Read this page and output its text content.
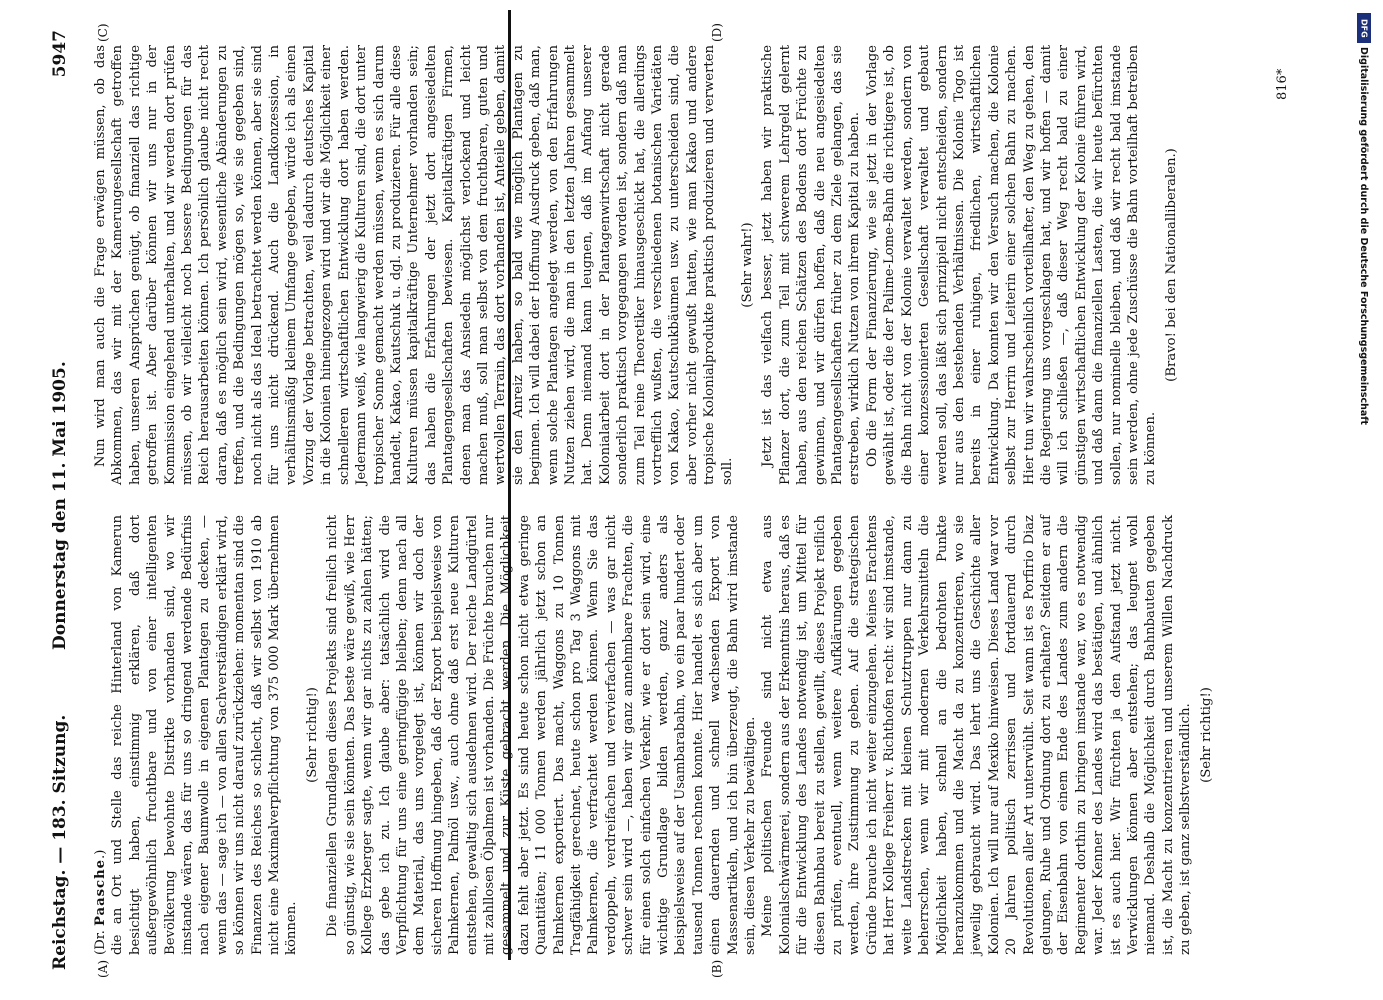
Reichstag. — 183. Sitzung.
Donnerstag den 11. Mai 1905.
5947
(A)	(B)
(C)	(D)

(Dr. Paasche.) die an Ort und Stelle das reiche Hinterland von Kamerun besichtigt haben, einstimmig erklären, daß dort außergewöhnlich fruchtbare und von einer intelligenten Bevölkerung bewohnte Distrikte vorhanden sind, wo wir imstande wären, das für uns so dringend werdende Bedürfnis nach eigener Baumwolle in eigenen Plantagen zu decken, — wenn das — sage ich — von allen Sachverständigen erklärt wird, so können wir uns nicht darauf zurückziehen: momentan sind die Finanzen des Reiches so schlecht, daß wir selbst von 1910 ab nicht eine Maximalverpflichtung von 375 000 Mark übernehmen können.

(Sehr richtig!) Die finanziellen Grundlagen dieses Projekts sind freilich nicht so günstig, wie sie sein könnten. Das beste wäre gewiß, wie Herr Kollege Erzberger sagte, wenn wir gar nichts zu zahlen hätten; das gebe ich zu. Ich glaube aber: tatsächlich wird die Verpflichtung für uns eine geringfügige bleiben; denn nach all dem Material, das uns vorgelegt ist, können wir doch der sicheren Hoffnung hingeben, daß der Export beispielsweise von Palmkernen, Palmöl usw., auch ohne daß erst neue Kulturen entstehen, gewaltig sich ausdehnen wird. Der reiche Landgürtel mit zahllosen Ölpalmen ist vorhanden. Die Früchte brauchen nur gesammelt und zur Küste gebracht werden. Die Möglichkeit dazu fehlt aber jetzt. Es sind heute schon nicht etwa geringe Quantitäten; 11 000 Tonnen werden jährlich jetzt schon an Palmkernen exportiert. Das macht, Waggons zu 10 Tonnen Tragfähigkeit gerechnet, heute schon pro Tag 3 Waggons mit Palmkernen, die verfrachtet werden können. Wenn Sie das verdoppeln, verdreifachen und vervierfachen — was gar nicht schwer sein wird —, haben wir ganz annehmbare Frachten, die für einen solch einfachen Verkehr, wie er dort sein wird, eine wichtige Grundlage bilden werden, ganz anders als beispielsweise auf der Usambarabahn, wo ein paar hundert oder tausend Tonnen rechnen konnte. Hier handelt es sich aber um einen dauernden und schnell wachsenden Export von Massenartikeln, und ich bin überzeugt, die Bahn wird imstande sein, diesen Verkehr zu bewältigen. Meine politischen Freunde sind nicht etwa aus Kolonialschwärmerei, sondern aus der Erkenntnis heraus, daß es für die Entwicklung des Landes notwendig ist, um Mittel für diesen Bahnbau bereit zu stellen, gewillt, dieses Projekt reiflich zu prüfen, eventuell, wenn weitere Aufklärungen gegeben werden, ihre Zustimmung zu geben. Auf die strategischen Gründe brauche ich nicht weiter einzugehen. Meines Erachtens hat Herr Kollege Freiherr v. Richthofen recht: wir sind imstande, weite Landstrecken mit kleinen Schutztruppen nur dann zu beherrschen, wenn wir mit modernen Verkehrsmitteln die Möglichkeit haben, schnell an die bedrohten Punkte heranzukommen und die Macht da zu konzentrieren, wo sie jeweilig gebraucht wird. Das lehrt uns die Geschichte aller Kolonien. Ich will nur auf Mexiko hinweisen. Dieses Land war vor 20 Jahren politisch zerrissen und fortdauernd durch Revolutionen aller Art unterwühlt. Seit wann ist es Porfirio Diaz gelungen, Ruhe und Ordnung dort zu erhalten? Seitdem er auf der Eisenbahn von einem Ende des Landes zum andern die Regimenter dorthin zu bringen imstande war, wo es notwendig war. Jeder Kenner des Landes wird das bestätigen, und ähnlich ist es auch hier. Wir fürchten ja den Aufstand jetzt nicht. Verwicklungen können aber entstehen; das leugnet wohl niemand. Deshalb die Möglichkeit durch Bahnbauten gegeben ist, die Macht zu konzentrieren und unserem Willen Nachdruck zu geben, ist ganz selbstverständlich. (Sehr richtig!)

Nun wird man auch die Frage erwägen müssen, ob das Abkommen, das wir mit der Kamerungesellschaft getroffen haben, unseren Ansprüchen genügt, ob finanziell das richtige getroffen ist. Aber darüber können wir uns nur in der Kommission eingehend unterhalten, und wir werden dort prüfen müssen, ob wir vielleicht noch bessere Bedingungen für das Reich herausarbeiten können. Ich persönlich glaube nicht recht daran, daß es möglich sein wird, wesentliche Abänderungen zu treffen, und die Bedingungen mögen so, wie sie gegeben sind, noch nicht als das Ideal betrachtet werden können, aber sie sind für uns nicht drückend. Auch die Landkonzession, in verhältnismäßig kleinem Umfange gegeben, würde ich als einen Vorzug der Vorlage betrachten, weil dadurch deutsches Kapital in die Kolonien hineingezogen wird und wir die Möglichkeit einer schnelleren wirtschaftlichen Entwicklung dort haben werden. Jedermann weiß, wie langwierig die Kulturen sind, die dort unter tropischer Sonne gemacht werden müssen, wenn es sich darum handelt, Kakao, Kautschuk u. dgl. zu produzieren. Für alle diese Kulturen müssen kapitalkräftige Unternehmer vorhanden sein; das haben die Erfahrungen der jetzt dort angesiedelten Plantagengesellschaften bewiesen. Kapitalkräftigen Firmen, denen man das Ansiedeln möglichst verlockend und leicht machen muß, soll man selbst von dem fruchtbaren, guten und wertvollen Terrain, das dort vorhanden ist, Anteile geben, damit sie den Anreiz haben, so bald wie möglich Plantagen zu beginnen. Ich will dabei der Hoffnung Ausdruck geben, daß man, wenn solche Plantagen angelegt werden, von den Erfahrungen Nutzen ziehen wird, die man in den letzten Jahren gesammelt hat. Denn niemand kann leugnen, daß im Anfang unserer Kolonialarbeit dort in der Plantagenwirtschaft nicht gerade sonderlich praktisch vorgegangen worden ist, sondern daß man zum Teil reine Theoretiker hinausgeschickt hat, die allerdings vortrefflich wußten, die verschiedenen botanischen Varietäten von Kakao, Kautschukbäumen usw. zu unterscheiden sind, die aber vorher nicht gewußt hatten, wie man Kakao und andere tropische Kolonialprodukte praktisch produzieren und verwerten soll.

(Sehr wahr!) Jetzt ist das vielfach besser, jetzt haben wir praktische Pflanzer dort, die zum Teil mit schwerem Lehrgeld gelernt haben, aus den reichen Schätzen des Bodens dort Früchte zu gewinnen, und wir dürfen hoffen, daß die neu angesiedelten Plantagengesellschaften früher zu dem Ziele gelangen, das sie erstreben, wirklich Nutzen von ihrem Kapital zu haben. Ob die Form der Finanzierung, wie sie jetzt in der Vorlage gewählt ist, oder die der Palime-Lome-Bahn die richtigere ist, ob die Bahn nicht von der Kolonie verwaltet werden, sondern von einer konzessionierten Gesellschaft verwaltet und gebaut werden soll, das läßt sich prinzipiell nicht entscheiden, sondern nur aus den bestehenden Verhältnissen. Die Kolonie Togo ist bereits in einer ruhigen, friedlichen, wirtschaftlichen Entwicklung. Da konnten wir den Versuch machen, die Kolonie selbst zur Herrin und Leiterin einer solchen Bahn zu machen. Hier tun wir wahrscheinlich vorteilhafter, den Weg zu gehen, den die Regierung uns vorgeschlagen hat, und wir hoffen — damit will ich schließen —, daß dieser Weg recht bald zu einer günstigen wirtschaftlichen Entwicklung der Kolonie führen wird, und daß dann die finanziellen Lasten, die wir heute befürchten sollen, nur nominelle bleiben, und daß wir recht bald imstande sein werden, ohne jede Zuschüsse die Bahn vorteilhaft betreiben zu können.

(Bravo! bei den Nationalliberalen.)

816*
DFG
Digitalisierung gefördert durch die Deutsche Forschungsgemeinschaft
